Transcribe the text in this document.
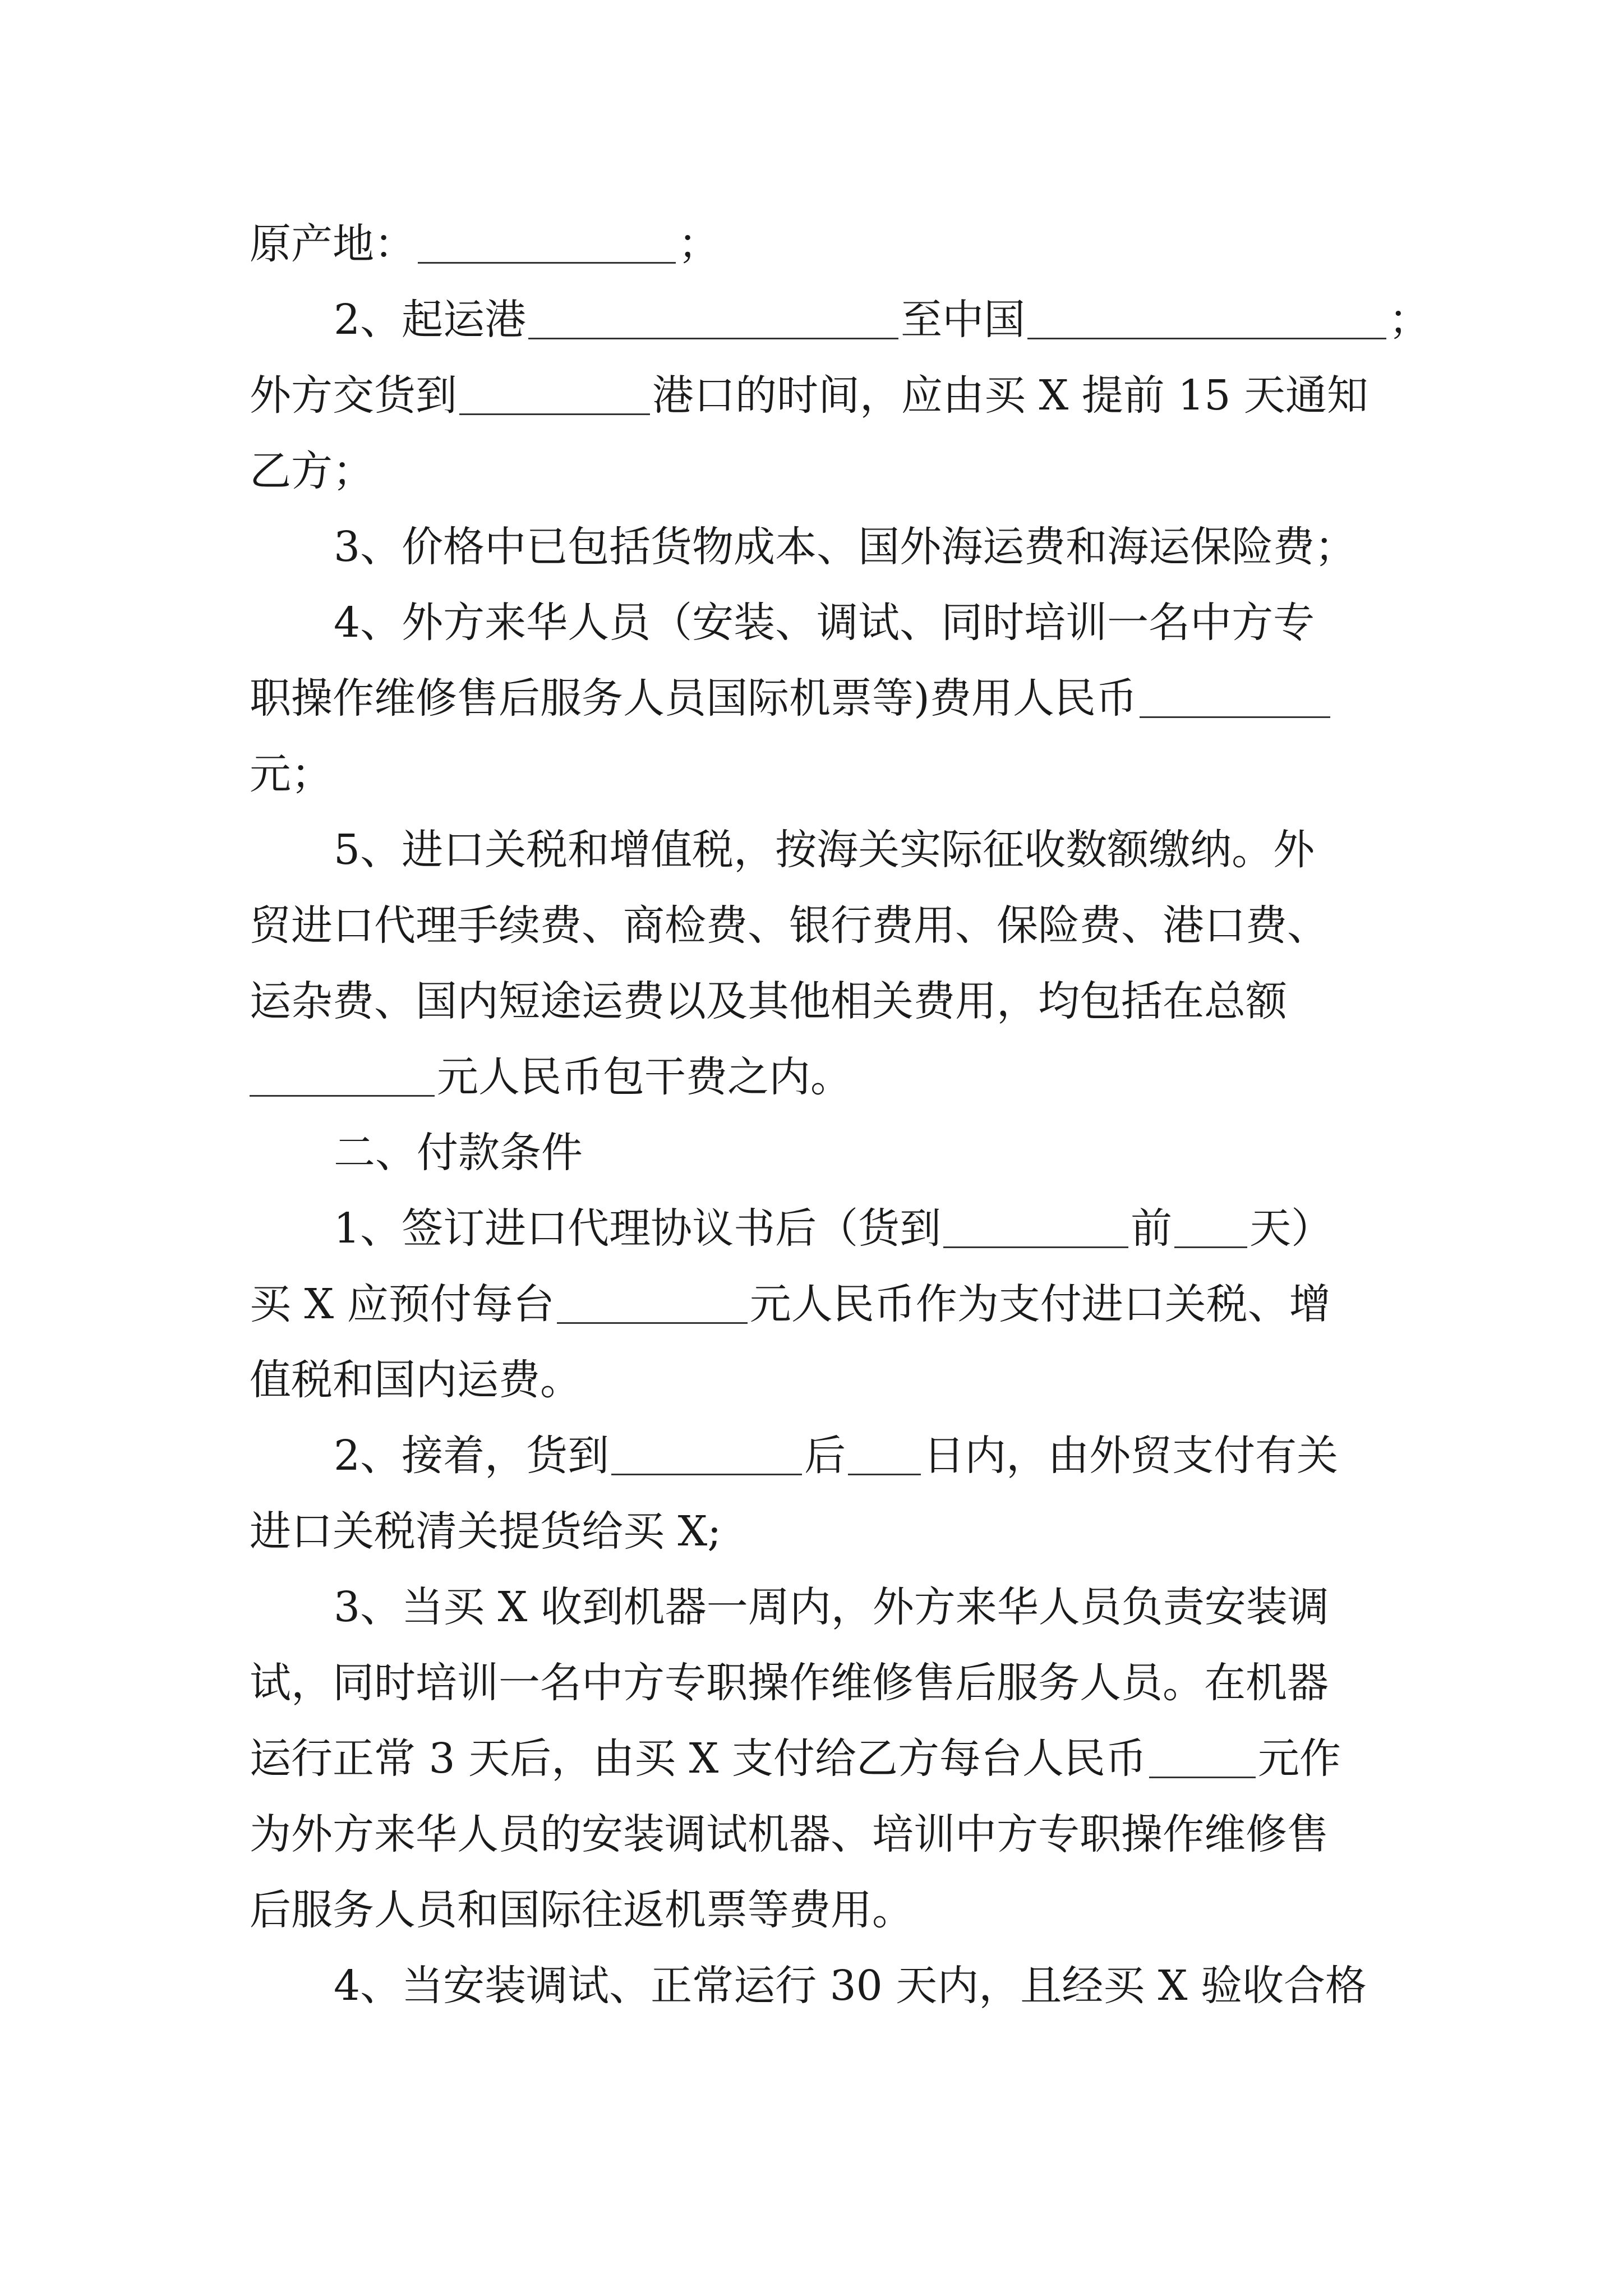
原产地：	；
2、起运港	至中国	；
外方交货到	港口的时间，应由买 X 提前 15 天通知
乙方；
3、价格中已包括货物成本、国外海运费和海运保险费；
4、外方来华人员（安装、调试、同时培训一名中方专
职操作维修售后服务人员国际机票等)费用人民币
元；
5、进口关税和增值税，按海关实际征收数额缴纳。外
贸进口代理手续费、商检费、银行费用、保险费、港口费、
运杂费、国内短途运费以及其他相关费用，均包括在总额
元人民币包干费之内。
二、付款条件
1、签订进口代理协议书后（货到	前 天）
买 X 应预付每台	元人民币作为支付进口关税、增
值税和国内运费。
2、接着，货到	后 日内，由外贸支付有关
进口关税清关提货给买 X;
3、当买 X 收到机器一周内，外方来华人员负责安装调
试，同时培训一名中方专职操作维修售后服务人员。在机器
运行正常 3 天后，由买 X 支付给乙方每台人民币	元作
为外方来华人员的安装调试机器、培训中方专职操作维修售
后服务人员和国际往返机票等费用。
4、当安装调试、正常运行 30 天内，且经买 X 验收合格
